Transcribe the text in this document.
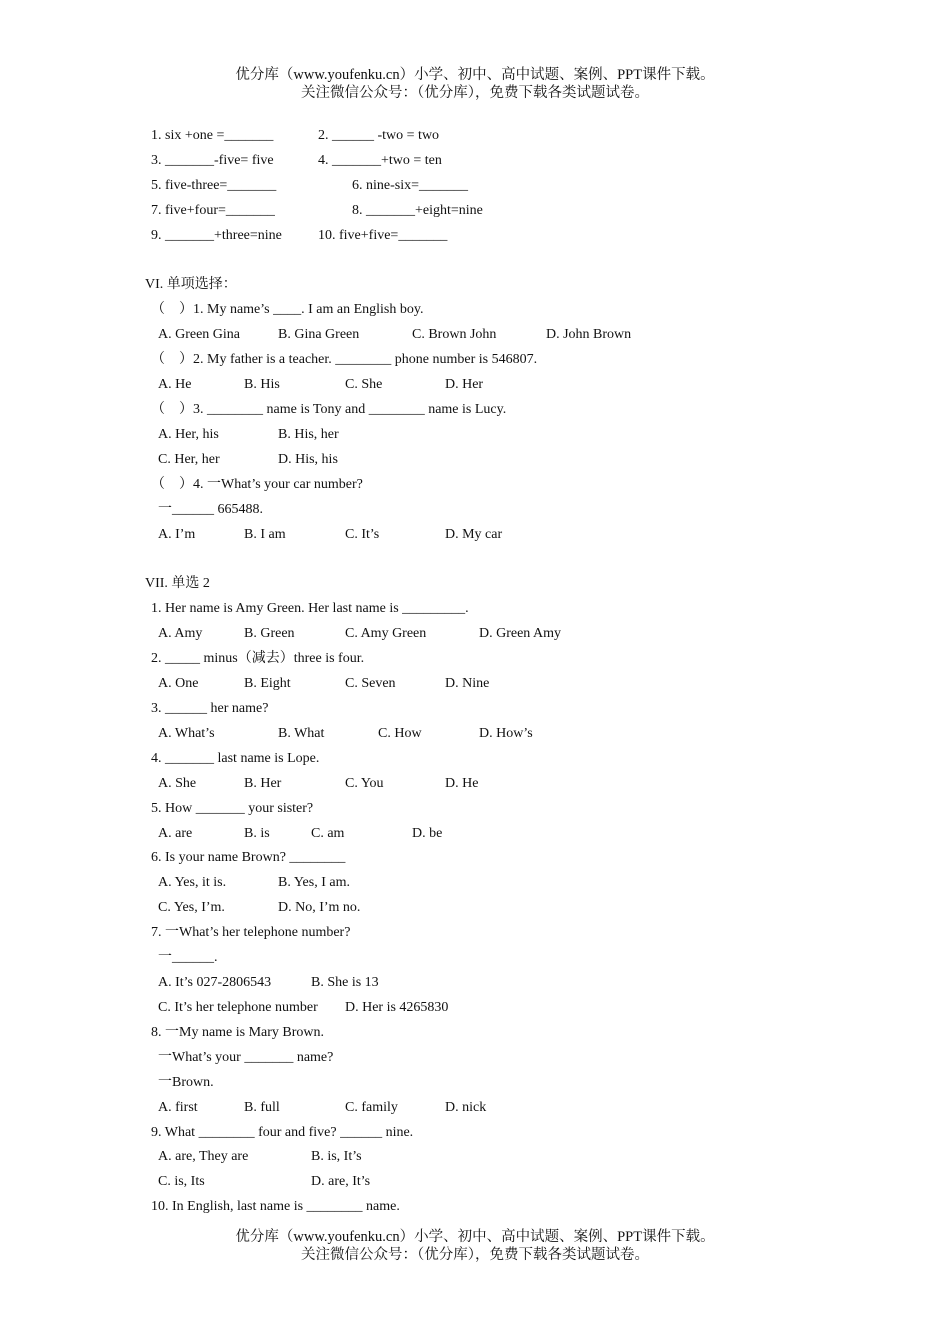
优分库（www.youfenku.cn）小学、初中、高中试题、案例、PPT课件下载。
关注微信公众号：（优分库），免费下载各类试题试卷。
1. six +one =_______	2. ______ -two = two
3. _______-five= five	4. _______+two = ten
5. five-three=_______	6. nine-six=_______
7. five+four=_______	8. _______+eight=nine
9. _______+three=nine	10. five+five=_______
VI. 单项选择：
（　）1. My name’s ____. I am an English boy.
A. Green Gina	B. Gina Green	C. Brown John	D. John Brown
（　）2. My father is a teacher. ________ phone number is 546807.
A. He	B. His	C. She	D. Her
（　）3. ________ name is Tony and ________ name is Lucy.
A. Her, his	B. His, her
C. Her, her	D. His, his
（　）4. 一What’s your car number?
一______ 665488.
A. I’m	B. I am	C. It’s	D. My car
VII. 单选 2
1. Her name is Amy Green. Her last name is _________.
A. Amy	B. Green	C. Amy Green	D. Green Amy
2. _____ minus（减去）three is four.
A. One	B. Eight	C. Seven	D. Nine
3. ______ her name?
A. What’s	B. What	C. How	D. How’s
4. _______ last name is Lope.
A. She	B. Her	C. You	D. He
5. How _______ your sister?
A. are	B. is	C. am	D. be
6. Is your name Brown? ________
A. Yes, it is.	B. Yes, I am.
C. Yes, I’m.	D. No, I’m no.
7. 一What’s her telephone number?
一______.
A. It’s 027-2806543	B. She is 13
C. It’s her telephone number D. Her is 4265830
8. 一My name is Mary Brown.
一What’s your _______ name?
一Brown.
A. first	B. full	C. family	D. nick
9. What ________ four and five? ______ nine.
A. are, They are	B. is, It’s
C. is, Its	D. are, It’s
10. In English, last name is ________ name.
优分库（www.youfenku.cn）小学、初中、高中试题、案例、PPT课件下载。
关注微信公众号：（优分库），免费下载各类试题试卷。
